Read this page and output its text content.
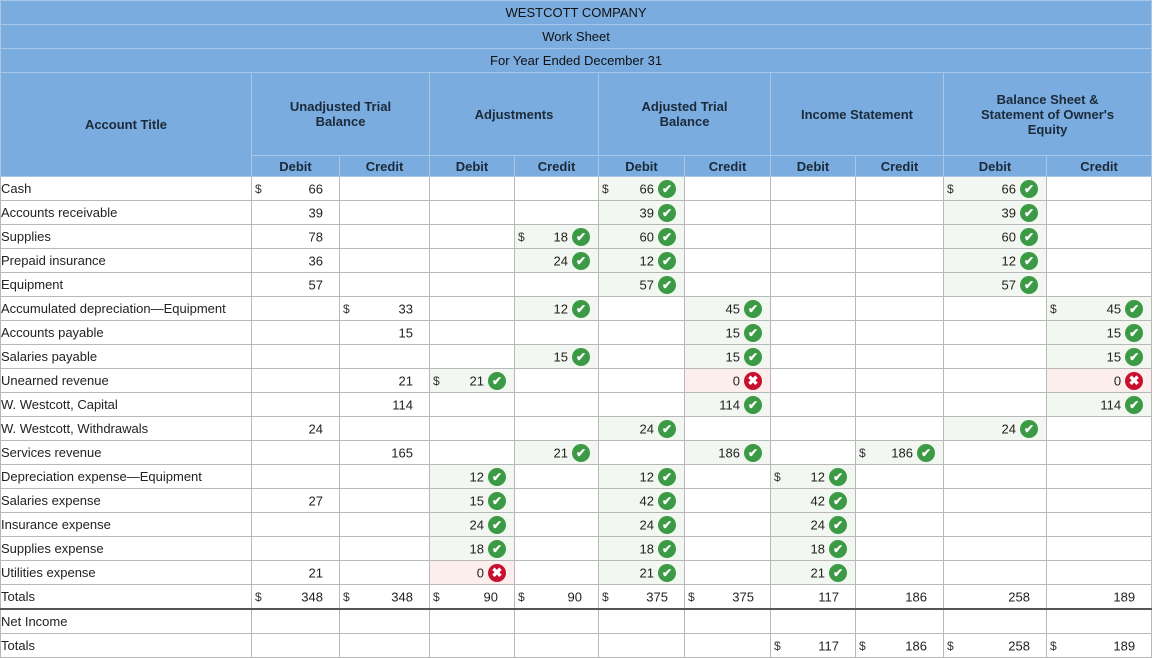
WESTCOTT COMPANY										
Work Sheet										
For Year Ended December 31										
Account Title	Unadjusted Trial Balance		Adjustments		Adjusted Trial Balance		Income Statement		Balance Sheet & Statement of Owner's Equity	
	Debit	Credit	Debit	Credit	Debit	Credit	Debit	Credit	Debit	Credit
Cash	$ 66				$ 66 ✔				$ 66 ✔	

Accounts receivable	39				39 ✔				39 ✔	

Supplies	78			$ 18 ✔	60 ✔				60 ✔	

Prepaid insurance	36			24 ✔	12 ✔				12 ✔	

Equipment	57				57 ✔				57 ✔	

Accumulated depreciation—Equipment		$ 33		12 ✔		45 ✔				$ 45 ✔

Accounts payable		15				15 ✔				15 ✔

Salaries payable				15 ✔		15 ✔				15 ✔

Unearned revenue		21	$ 21 ✔			0 ✖				0 ✖

W. Westcott, Capital		114				114 ✔				114 ✔

W. Westcott, Withdrawals	24				24 ✔				24 ✔	

Services revenue		165		21 ✔		186 ✔		$ 186 ✔		

Depreciation expense—Equipment			12 ✔		12 ✔		$ 12 ✔			

Salaries expense	27		15 ✔		42 ✔		42 ✔			

Insurance expense			24 ✔		24 ✔		24 ✔			

Supplies expense			18 ✔		18 ✔		18 ✔			

Utilities expense	21		0 ✖		21 ✔		21 ✔			

Totals	$ 348	$ 348	$ 90	$ 90	$ 375	$ 375	117	186	258	189

Net Income										
Totals							$ 117	$ 186	$ 258	$ 189
